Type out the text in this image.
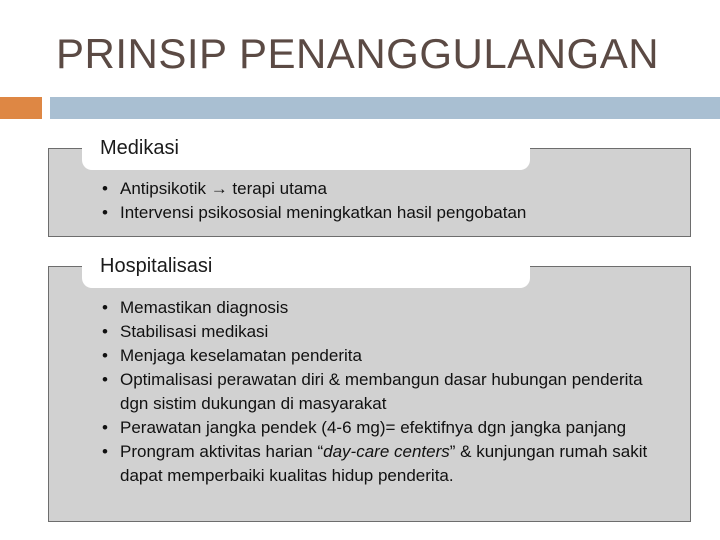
PRINSIP PENANGGULANGAN
Medikasi
• Antipsikotik → terapi utama
• Intervensi psikososial meningkatkan hasil pengobatan
Hospitalisasi
• Memastikan diagnosis
• Stabilisasi medikasi
• Menjaga keselamatan penderita
• Optimalisasi perawatan diri & membangun dasar hubungan penderita dgn sistim dukungan di masyarakat
• Perawatan jangka pendek (4-6 mg)= efektifnya dgn jangka panjang
• Prongram aktivitas harian “day-care centers” & kunjungan rumah sakit dapat memperbaiki kualitas hidup penderita.
